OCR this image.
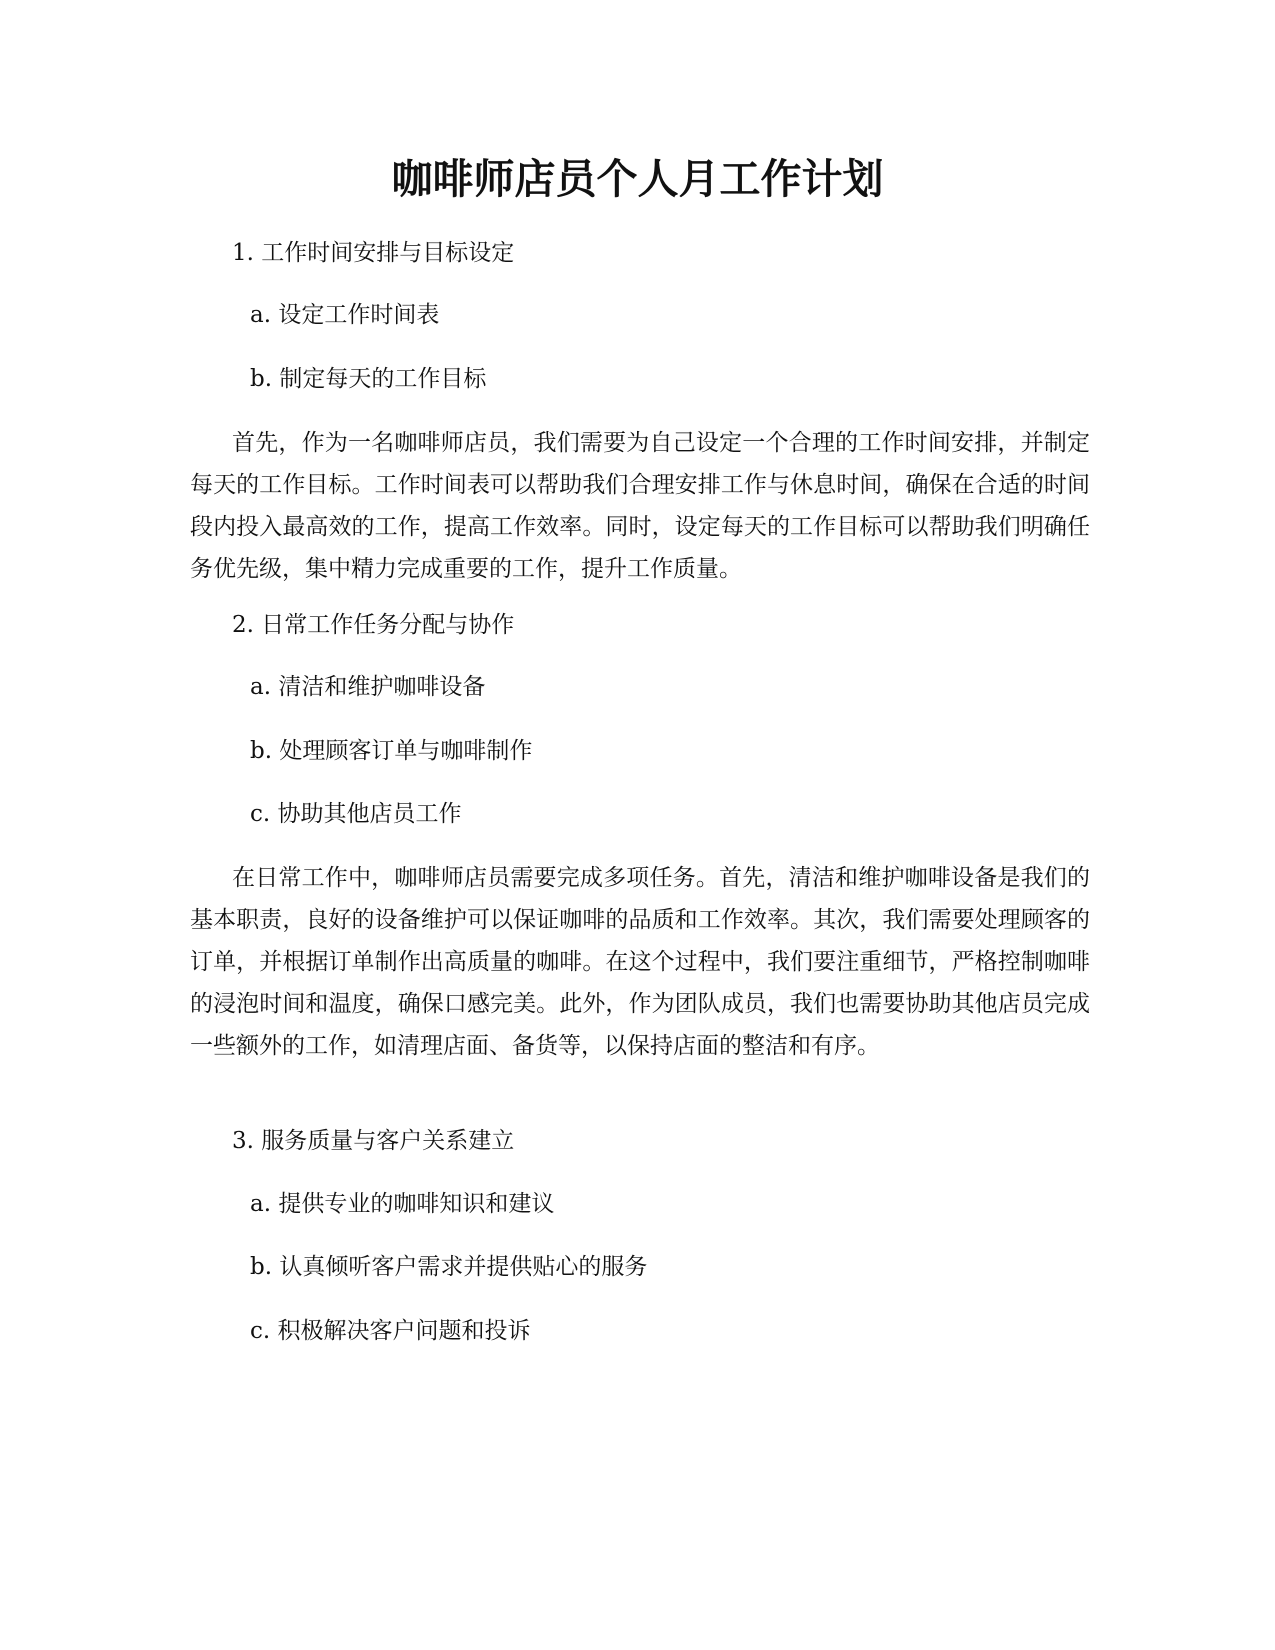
咖啡师店员个人月工作计划
1. 工作时间安排与目标设定
a. 设定工作时间表
b. 制定每天的工作目标

首先，作为一名咖啡师店员，我们需要为自己设定一个合理的工作时间安排，并制定每天的工作目标。工作时间表可以帮助我们合理安排工作与休息时间，确保在合适的时间段内投入最高效的工作，提高工作效率。同时，设定每天的工作目标可以帮助我们明确任务优先级，集中精力完成重要的工作，提升工作质量。

2. 日常工作任务分配与协作
a. 清洁和维护咖啡设备
b. 处理顾客订单与咖啡制作
c. 协助其他店员工作

在日常工作中，咖啡师店员需要完成多项任务。首先，清洁和维护咖啡设备是我们的基本职责，良好的设备维护可以保证咖啡的品质和工作效率。其次，我们需要处理顾客的订单，并根据订单制作出高质量的咖啡。在这个过程中，我们要注重细节，严格控制咖啡的浸泡时间和温度，确保口感完美。此外，作为团队成员，我们也需要协助其他店员完成一些额外的工作，如清理店面、备货等，以保持店面的整洁和有序。

3. 服务质量与客户关系建立
a. 提供专业的咖啡知识和建议
b. 认真倾听客户需求并提供贴心的服务
c. 积极解决客户问题和投诉
